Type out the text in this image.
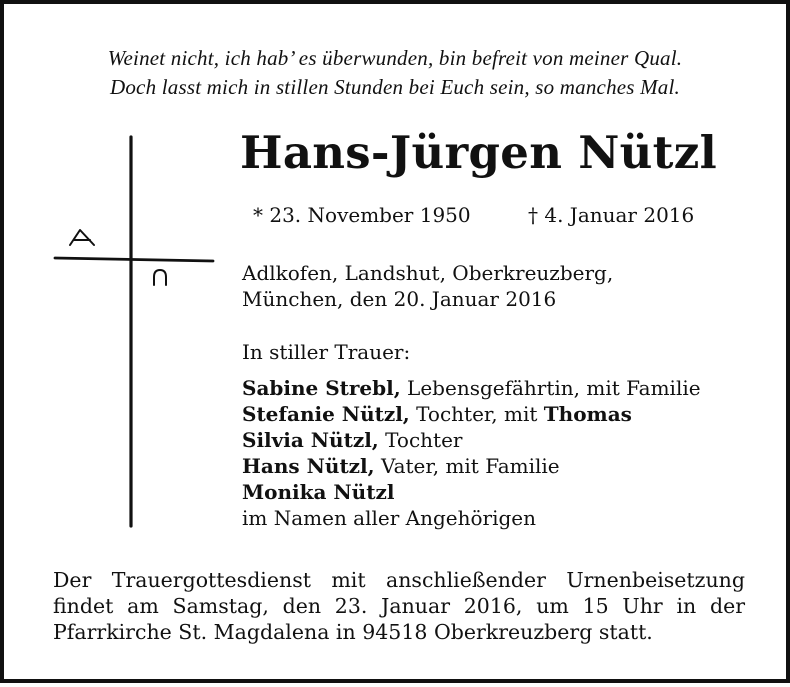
Weinet nicht, ich hab’ es überwunden, bin befreit von meiner Qual.
Doch lasst mich in stillen Stunden bei Euch sein, so manches Mal.
Hans-Jürgen Nützl
* 23. November 1950	† 4. Januar 2016
Adlkofen, Landshut, Oberkreuzberg,
München, den 20. Januar 2016
In stiller Trauer:
Sabine Strebl, Lebensgefährtin, mit Familie
Stefanie Nützl, Tochter, mit Thomas
Silvia Nützl, Tochter
Hans Nützl, Vater, mit Familie
Monika Nützl
im Namen aller Angehörigen
Der Trauergottesdienst mit anschließender Urnenbeisetzung findet am Samstag, den 23. Januar 2016, um 15 Uhr in der Pfarrkirche St. Magdalena in 94518 Oberkreuzberg statt.
